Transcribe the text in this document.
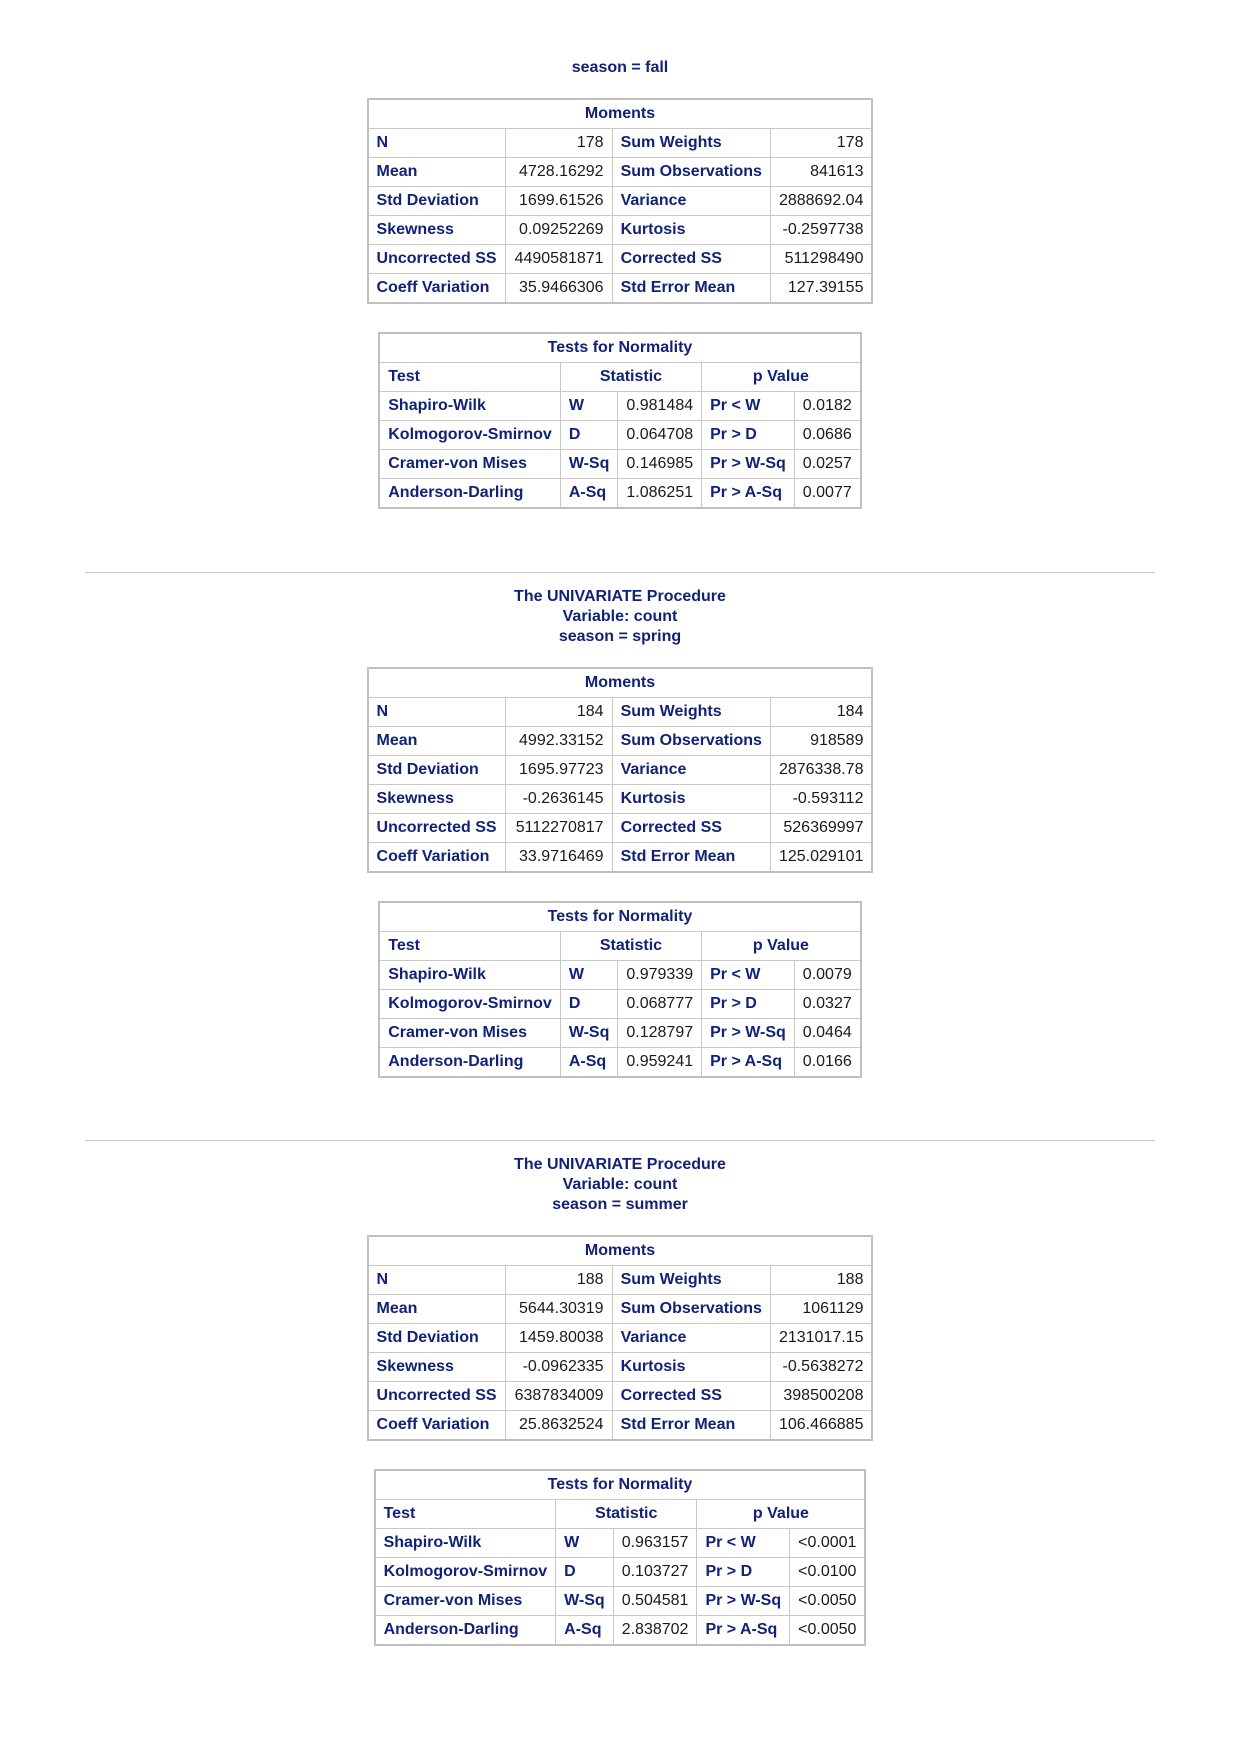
season = fall
Moments			
N	178	Sum Weights	178
Mean	4728.16292	Sum Observations	841613
Std Deviation	1699.61526	Variance	2888692.04
Skewness	0.09252269	Kurtosis	-0.2597738
Uncorrected SS	4490581871	Corrected SS	511298490
Coeff Variation	35.9466306	Std Error Mean	127.39155
Tests for Normality				
Test	Statistic		p Value	
Shapiro-Wilk	W	0.981484	Pr < W	0.0182
Kolmogorov-Smirnov	D	0.064708	Pr > D	0.0686
Cramer-von Mises	W-Sq	0.146985	Pr > W-Sq	0.0257
Anderson-Darling	A-Sq	1.086251	Pr > A-Sq	0.0077
The UNIVARIATE Procedure
Variable: count
season = spring
Moments			
N	184	Sum Weights	184
Mean	4992.33152	Sum Observations	918589
Std Deviation	1695.97723	Variance	2876338.78
Skewness	-0.2636145	Kurtosis	-0.593112
Uncorrected SS	5112270817	Corrected SS	526369997
Coeff Variation	33.9716469	Std Error Mean	125.029101
Tests for Normality				
Test	Statistic		p Value	
Shapiro-Wilk	W	0.979339	Pr < W	0.0079
Kolmogorov-Smirnov	D	0.068777	Pr > D	0.0327
Cramer-von Mises	W-Sq	0.128797	Pr > W-Sq	0.0464
Anderson-Darling	A-Sq	0.959241	Pr > A-Sq	0.0166
The UNIVARIATE Procedure
Variable: count
season = summer
Moments			
N	188	Sum Weights	188
Mean	5644.30319	Sum Observations	1061129
Std Deviation	1459.80038	Variance	2131017.15
Skewness	-0.0962335	Kurtosis	-0.5638272
Uncorrected SS	6387834009	Corrected SS	398500208
Coeff Variation	25.8632524	Std Error Mean	106.466885
Tests for Normality				
Test	Statistic		p Value	
Shapiro-Wilk	W	0.963157	Pr < W	<0.0001
Kolmogorov-Smirnov	D	0.103727	Pr > D	<0.0100
Cramer-von Mises	W-Sq	0.504581	Pr > W-Sq	<0.0050
Anderson-Darling	A-Sq	2.838702	Pr > A-Sq	<0.0050
